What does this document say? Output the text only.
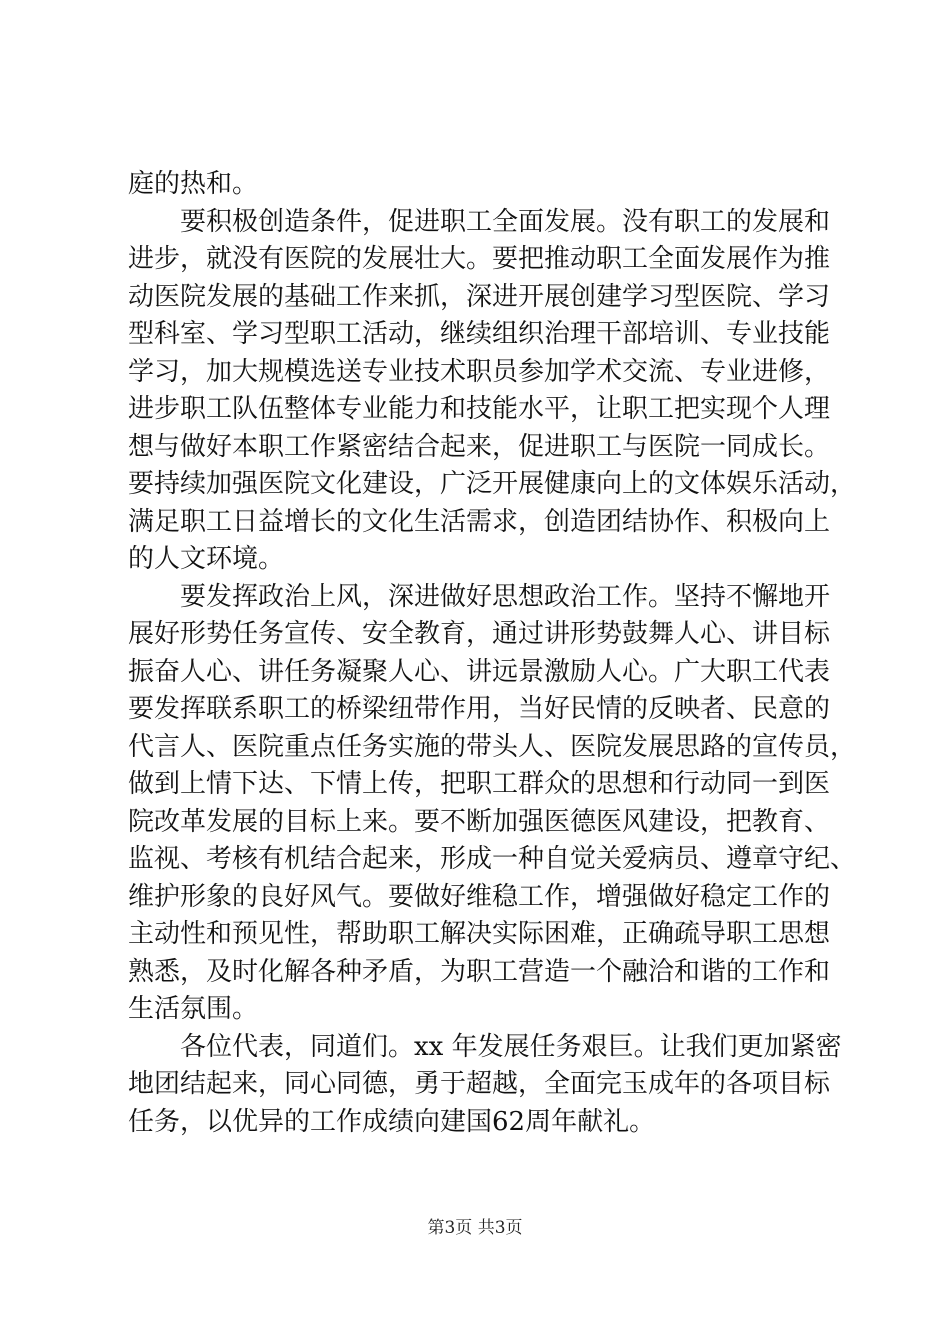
庭的热和。
　　要积极创造条件，促进职工全面发展。没有职工的发展和
进步，就没有医院的发展壮大。要把推动职工全面发展作为推
动医院发展的基础工作来抓，深进开展创建学习型医院、学习
型科室、学习型职工活动，继续组织治理干部培训、专业技能
学习，加大规模选送专业技术职员参加学术交流、专业进修，
进步职工队伍整体专业能力和技能水平，让职工把实现个人理
想与做好本职工作紧密结合起来，促进职工与医院一同成长。
要持续加强医院文化建设，广泛开展健康向上的文体娱乐活动，
满足职工日益增长的文化生活需求，创造团结协作、积极向上
的人文环境。
　　要发挥政治上风，深进做好思想政治工作。坚持不懈地开
展好形势任务宣传、安全教育，通过讲形势鼓舞人心、讲目标
振奋人心、讲任务凝聚人心、讲远景激励人心。广大职工代表
要发挥联系职工的桥梁纽带作用，当好民情的反映者、民意的
代言人、医院重点任务实施的带头人、医院发展思路的宣传员，
做到上情下达、下情上传，把职工群众的思想和行动同一到医
院改革发展的目标上来。要不断加强医德医风建设，把教育、
监视、考核有机结合起来，形成一种自觉关爱病员、遵章守纪、
维护形象的良好风气。要做好维稳工作，增强做好稳定工作的
主动性和预见性，帮助职工解决实际困难，正确疏导职工思想
熟悉，及时化解各种矛盾，为职工营造一个融洽和谐的工作和
生活氛围。
　　各位代表，同道们。xx 年发展任务艰巨。让我们更加紧密
地团结起来，同心同德，勇于超越，全面完玉成年的各项目标
任务，以优异的工作成绩向建国62周年献礼。
第3页 共3页
